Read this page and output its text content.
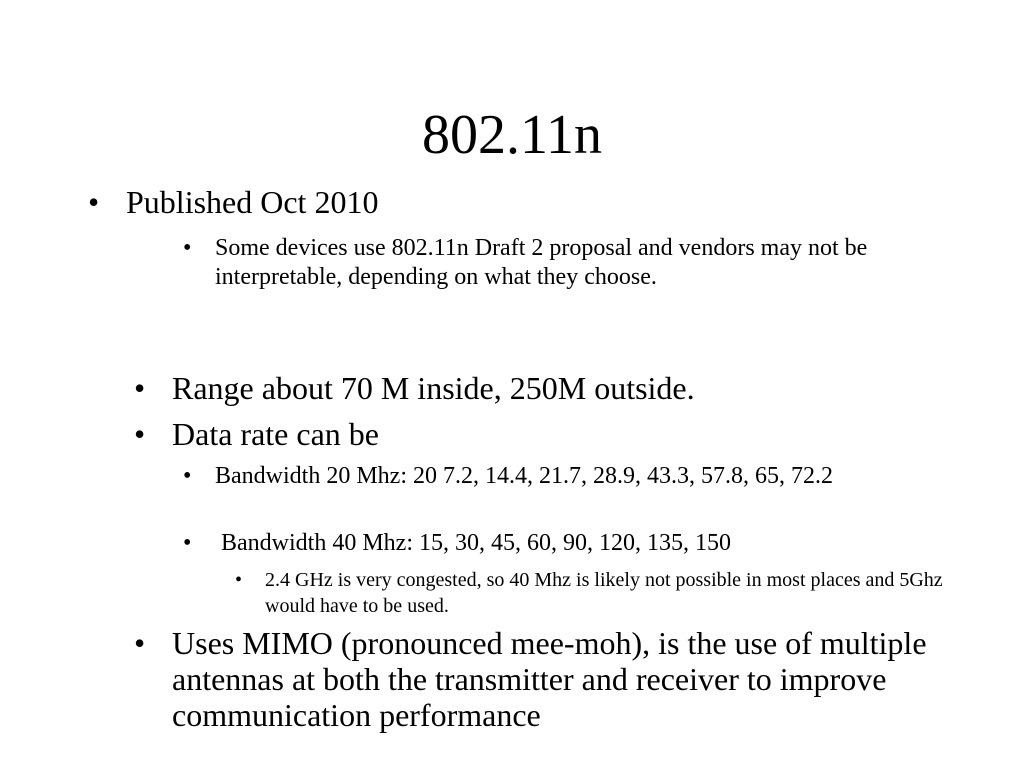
802.11n
• Published Oct 2010
• Some devices use 802.11n Draft 2 proposal and vendors may not be interpretable, depending on what they choose.
• Range about 70 M inside, 250M outside.
• Data rate can be
• Bandwidth 20 Mhz: 20 7.2, 14.4, 21.7, 28.9, 43.3, 57.8, 65, 72.2
• Bandwidth 40 Mhz: 15, 30, 45, 60, 90, 120, 135, 150
•	2.4 GHz is very congested, so 40 Mhz is likely not possible in most places and 5Ghz would have to be used.
• Uses MIMO (pronounced mee-moh), is the use of multiple antennas at both the transmitter and receiver to improve communication performance
